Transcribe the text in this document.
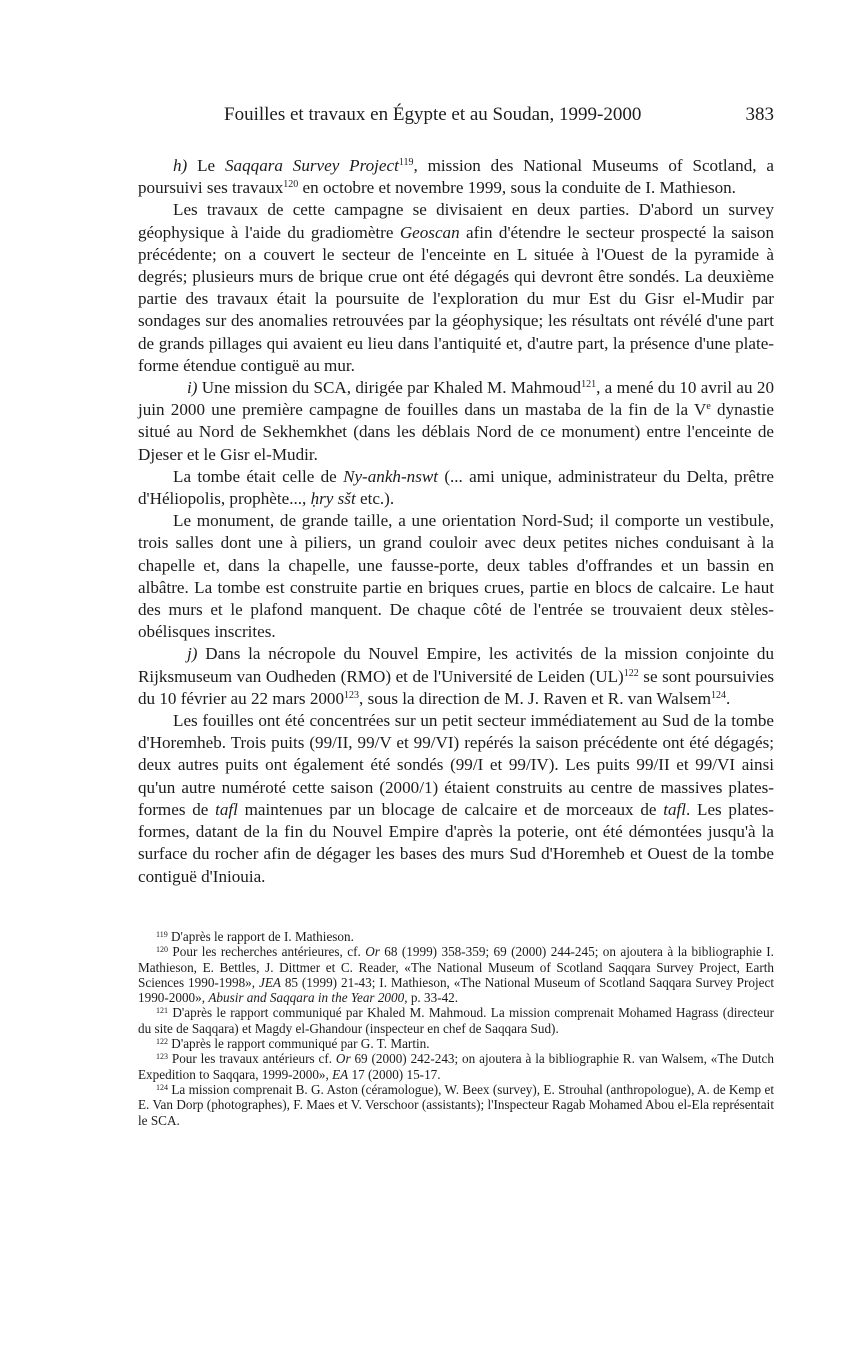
Fouilles et travaux en Égypte et au Soudan, 1999-2000	383

h) Le Saqqara Survey Project$^{119}$, mission des National Museums of Scotland, a poursuivi ses travaux$^{120}$ en octobre et novembre 1999, sous la conduite de I. Mathieson.

Les travaux de cette campagne se divisaient en deux parties. D'abord un survey géophysique à l'aide du gradiomètre Geoscan afin d'étendre le secteur prospecté la saison précédente; on a couvert le secteur de l'enceinte en L située à l'Ouest de la pyramide à degrés; plusieurs murs de brique crue ont été dégagés qui devront être sondés. La deuxième partie des travaux était la poursuite de l'exploration du mur Est du Gisr el-Mudir par sondages sur des anomalies retrouvées par la géophysique; les résultats ont révélé d'une part de grands pillages qui avaient eu lieu dans l'antiquité et, d'autre part, la présence d'une plate-forme étendue contiguë au mur.

i) Une mission du SCA, dirigée par Khaled M. Mahmoud$^{121}$, a mené du 10 avril au 20 juin 2000 une première campagne de fouilles dans un mastaba de la fin de la Ve dynastie situé au Nord de Sekhemkhet (dans les déblais Nord de ce monument) entre l'enceinte de Djeser et le Gisr el-Mudir.

La tombe était celle de Ny-ankh-nswt (... ami unique, administrateur du Delta, prêtre d'Héliopolis, prophète..., ḥry sšt etc.).

Le monument, de grande taille, a une orientation Nord-Sud; il comporte un vestibule, trois salles dont une à piliers, un grand couloir avec deux petites niches conduisant à la chapelle et, dans la chapelle, une fausse-porte, deux tables d'offrandes et un bassin en albâtre. La tombe est construite partie en briques crues, partie en blocs de calcaire. Le haut des murs et le plafond manquent. De chaque côté de l'entrée se trouvaient deux stèles-obélisques inscrites.

j) Dans la nécropole du Nouvel Empire, les activités de la mission conjointe du Rijksmuseum van Oudheden (RMO) et de l'Université de Leiden (UL)$^{122}$ se sont poursuivies du 10 février au 22 mars 2000$^{123}$, sous la direction de M. J. Raven et R. van Walsem$^{124}$.

Les fouilles ont été concentrées sur un petit secteur immédiatement au Sud de la tombe d'Horemheb. Trois puits (99/II, 99/V et 99/VI) repérés la saison précédente ont été dégagés; deux autres puits ont également été sondés (99/I et 99/IV). Les puits 99/II et 99/VI ainsi qu'un autre numéroté cette saison (2000/1) étaient construits au centre de massives plates-formes de tafl maintenues par un blocage de calcaire et de morceaux de tafl. Les plates-formes, datant de la fin du Nouvel Empire d'après la poterie, ont été démontées jusqu'à la surface du rocher afin de dégager les bases des murs Sud d'Horemheb et Ouest de la tombe contiguë d'Iniouia.

$^{119}$ D'après le rapport de I. Mathieson.

$^{120}$ Pour les recherches antérieures, cf. Or 68 (1999) 358-359; 69 (2000) 244-245; on ajoutera à la bibliographie I. Mathieson, E. Bettles, J. Dittmer et C. Reader, «The National Museum of Scotland Saqqara Survey Project, Earth Sciences 1990-1998», JEA 85 (1999) 21-43; I. Mathieson, «The National Museum of Scotland Saqqara Survey Project 1990-2000», Abusir and Saqqara in the Year 2000, p. 33-42.

$^{121}$ D'après le rapport communiqué par Khaled M. Mahmoud. La mission comprenait Mohamed Hagrass (directeur du site de Saqqara) et Magdy el-Ghandour (inspecteur en chef de Saqqara Sud).

$^{122}$ D'après le rapport communiqué par G. T. Martin.

$^{123}$ Pour les travaux antérieurs cf. Or 69 (2000) 242-243; on ajoutera à la bibliographie R. van Walsem, «The Dutch Expedition to Saqqara, 1999-2000», EA 17 (2000) 15-17.

$^{124}$ La mission comprenait B. G. Aston (céramologue), W. Beex (survey), E. Strouhal (anthropologue), A. de Kemp et E. Van Dorp (photographes), F. Maes et V. Verschoor (assistants); l'Inspecteur Ragab Mohamed Abou el-Ela représentait le SCA.
